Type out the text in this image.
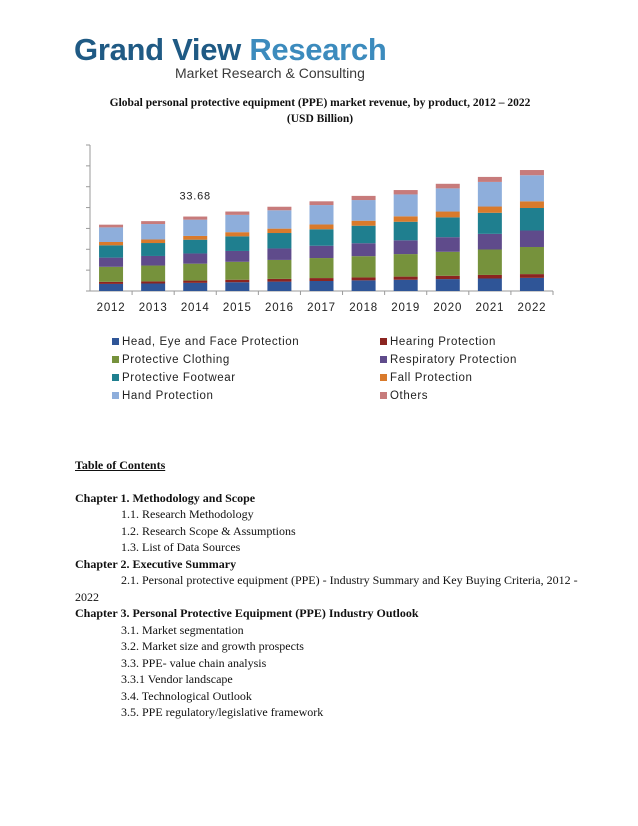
Grand View Research
Market Research & Consulting
Global personal protective equipment (PPE) market revenue, by product, 2012 – 2022
(USD Billion)
2012 2013 2014 2015 2016 2017 2018 2019 2020 2021 2022
33.68
Head, Eye and Face Protection	Hearing Protection
Protective Clothing	Respiratory Protection
Protective Footwear	Fall Protection
Hand Protection	Others
Table of Contents
Chapter 1. Methodology and Scope
1.1. Research Methodology
1.2. Research Scope & Assumptions
1.3. List of Data Sources
Chapter 2. Executive Summary
2.1. Personal protective equipment (PPE) - Industry Summary and Key Buying Criteria, 2012 - 2022
Chapter 3. Personal Protective Equipment (PPE) Industry Outlook
3.1. Market segmentation
3.2. Market size and growth prospects
3.3. PPE- value chain analysis
3.3.1 Vendor landscape
3.4. Technological Outlook
3.5. PPE regulatory/legislative framework
